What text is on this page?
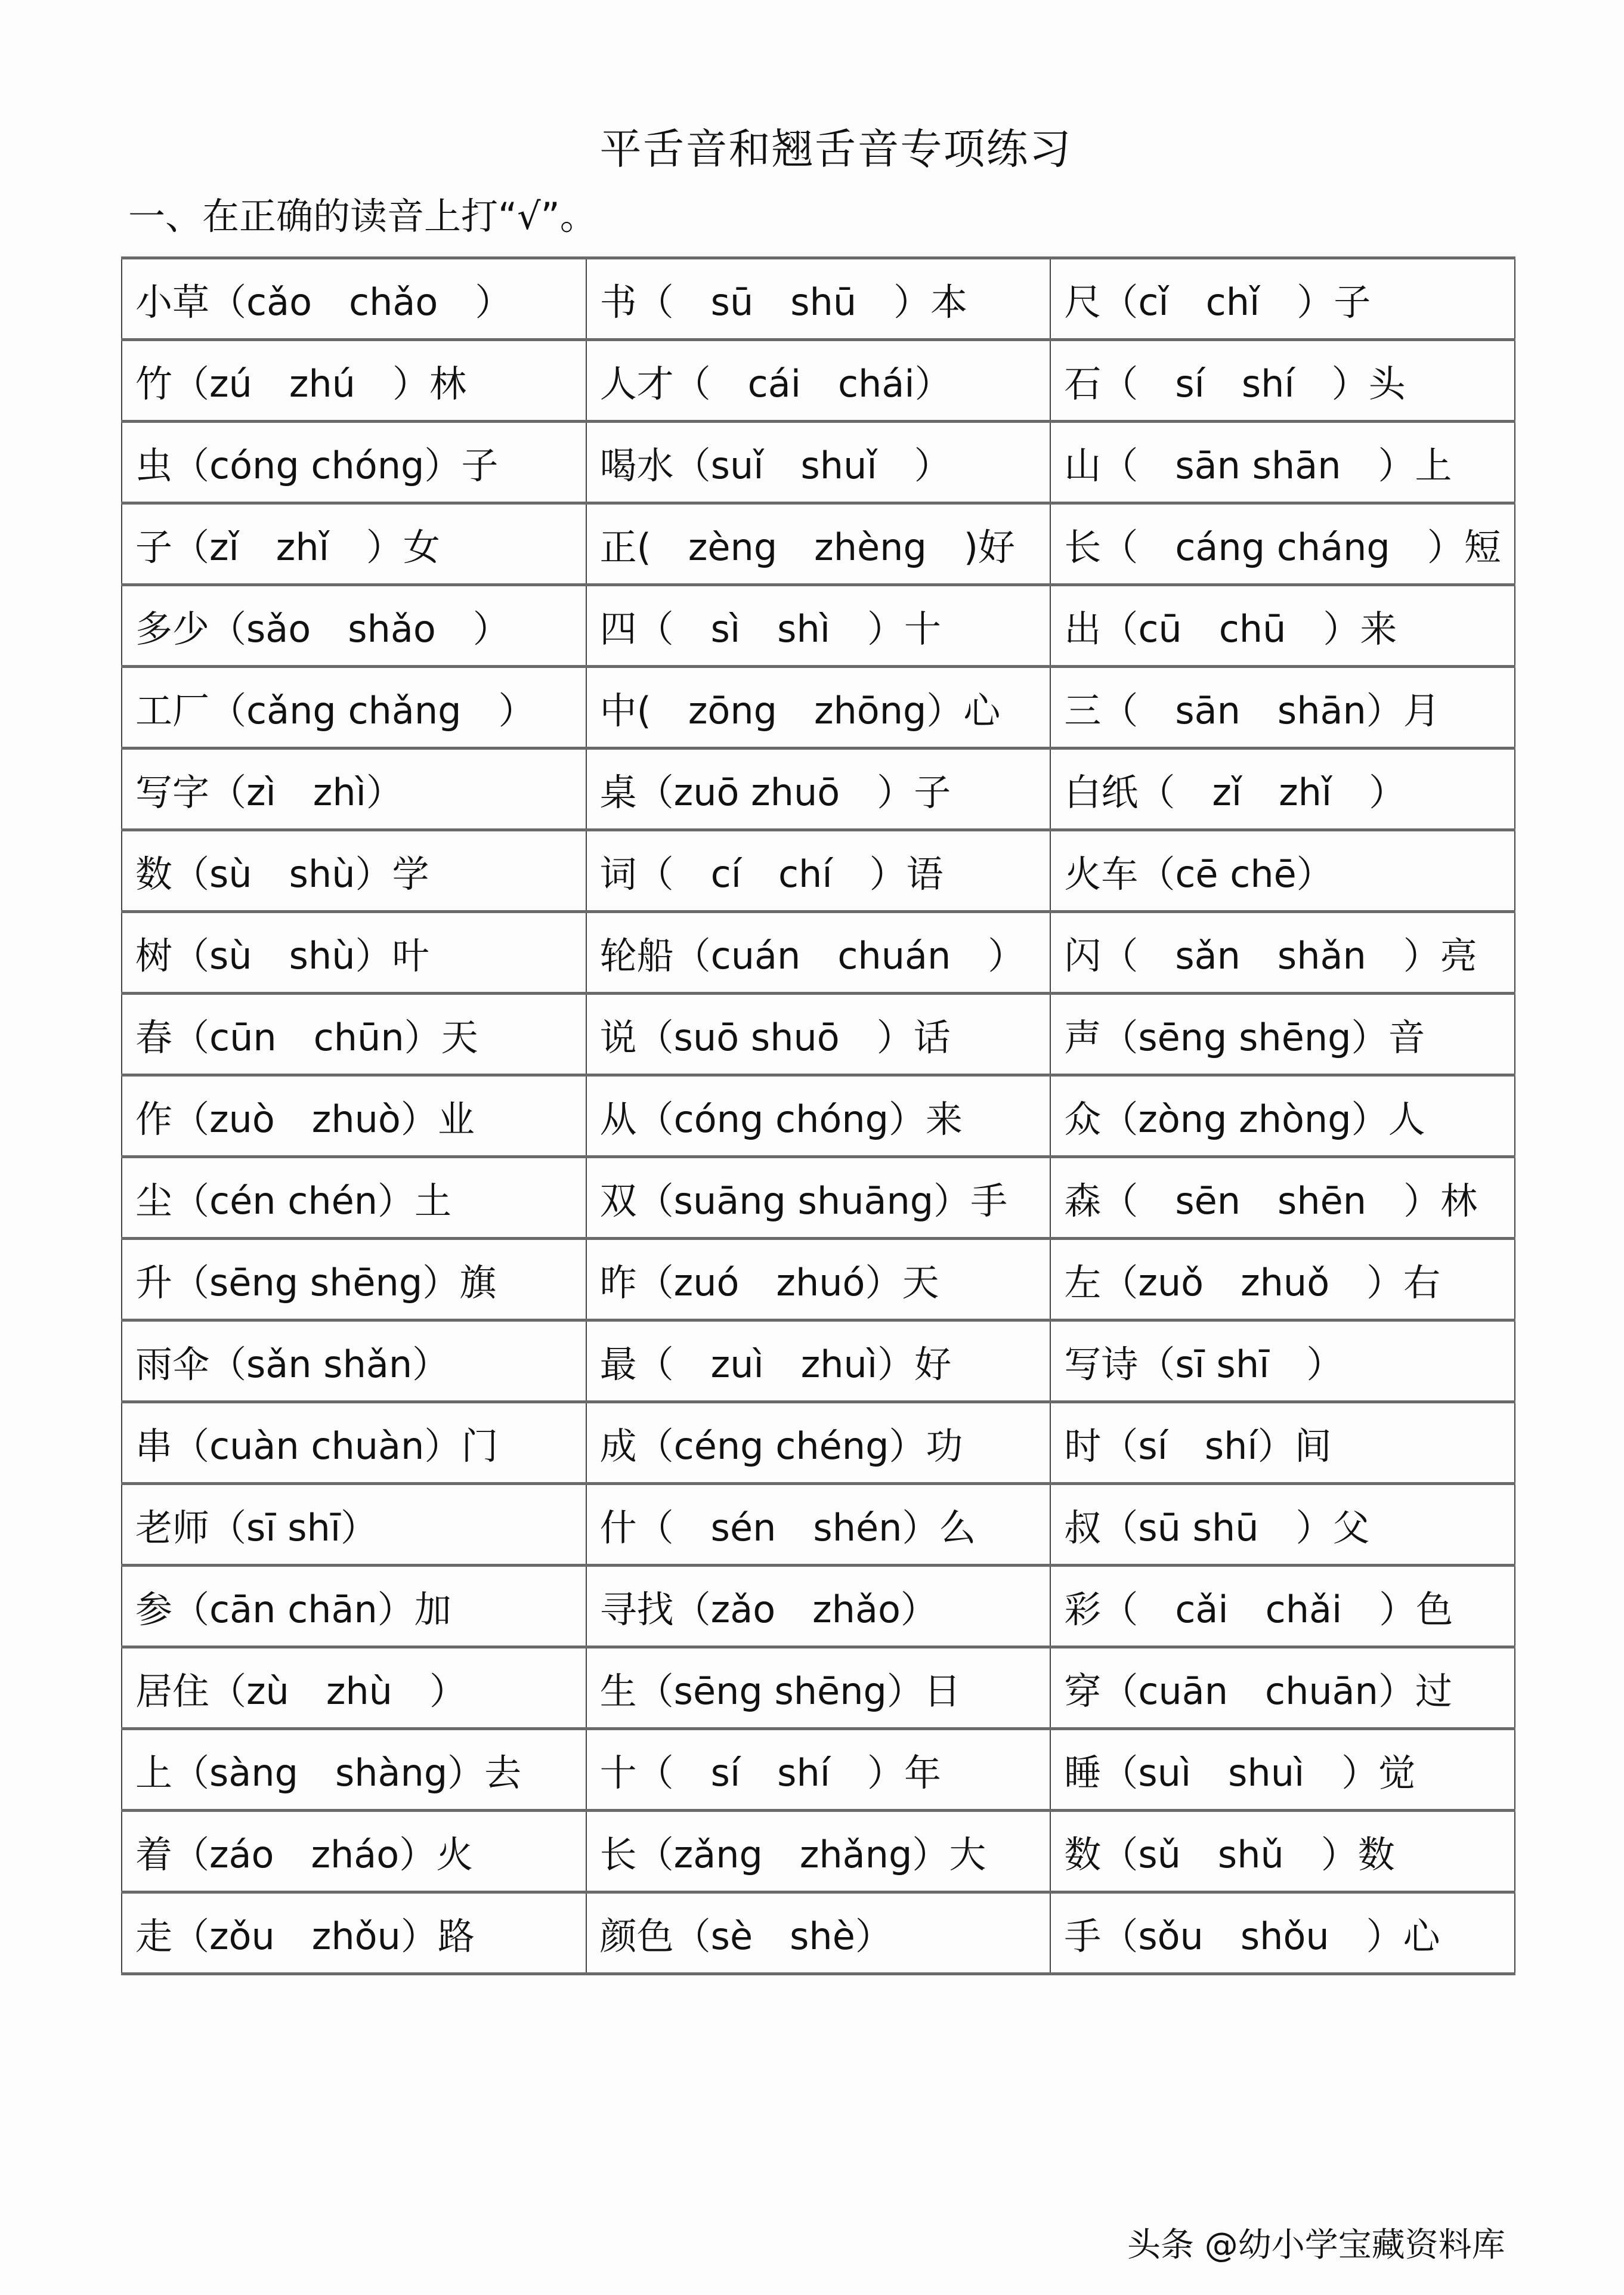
平舌音和翘舌音专项练习
一、在正确的读音上打“√”。
小草（cǎo　chǎo　）	书（　sū　shū　）本	尺（cǐ　chǐ　）子
竹（zú　zhú　）林	人才（　cái　chái）	石（　sí　shí　）头
虫（cóng chóng）子	喝水（suǐ　shuǐ　）	山（　sān shān　）上
子（zǐ　zhǐ　）女	正(　zèng　zhèng　)好	长（　cáng cháng　）短
多少（sǎo　shǎo　）	四（　sì　shì　）十	出（cū　chū　）来
工厂（cǎng chǎng　）	中(　zōng　zhōng）心	三（　sān　shān）月
写字（zì　zhì）	桌（zuō zhuō　）子	白纸（　zǐ　zhǐ　）
数（sù　shù）学	词（　cí　chí　）语	火车（cē chē）
树（sù　shù）叶	轮船（cuán　chuán　）	闪（　sǎn　shǎn　）亮
春（cūn　chūn）天	说（suō shuō　）话	声（sēng shēng）音
作（zuò　zhuò）业	从（cóng chóng）来	众（zòng zhòng）人
尘（cén chén）土	双（suāng shuāng）手	森（　sēn　shēn　）林
升（sēng shēng）旗	昨（zuó　zhuó）天	左（zuǒ　zhuǒ　）右
雨伞（sǎn shǎn）	最（　zuì　zhuì）好	写诗（sī shī　）
串（cuàn chuàn）门	成（céng chéng）功	时（sí　shí）间
老师（sī shī）	什（　sén　shén）么	叔（sū shū　）父
参（cān chān）加	寻找（zǎo　zhǎo）	彩（　cǎi　chǎi　）色
居住（zù　zhù　）	生（sēng shēng）日	穿（cuān　chuān）过
上（sàng　shàng）去	十（　sí　shí　）年	睡（suì　shuì　）觉
着（záo　zháo）火	长（zǎng　zhǎng）大	数（sǔ　shǔ　）数
走（zǒu　zhǒu）路	颜色（sè　shè）	手（sǒu　shǒu　）心
头条 @幼小学宝藏资料库
